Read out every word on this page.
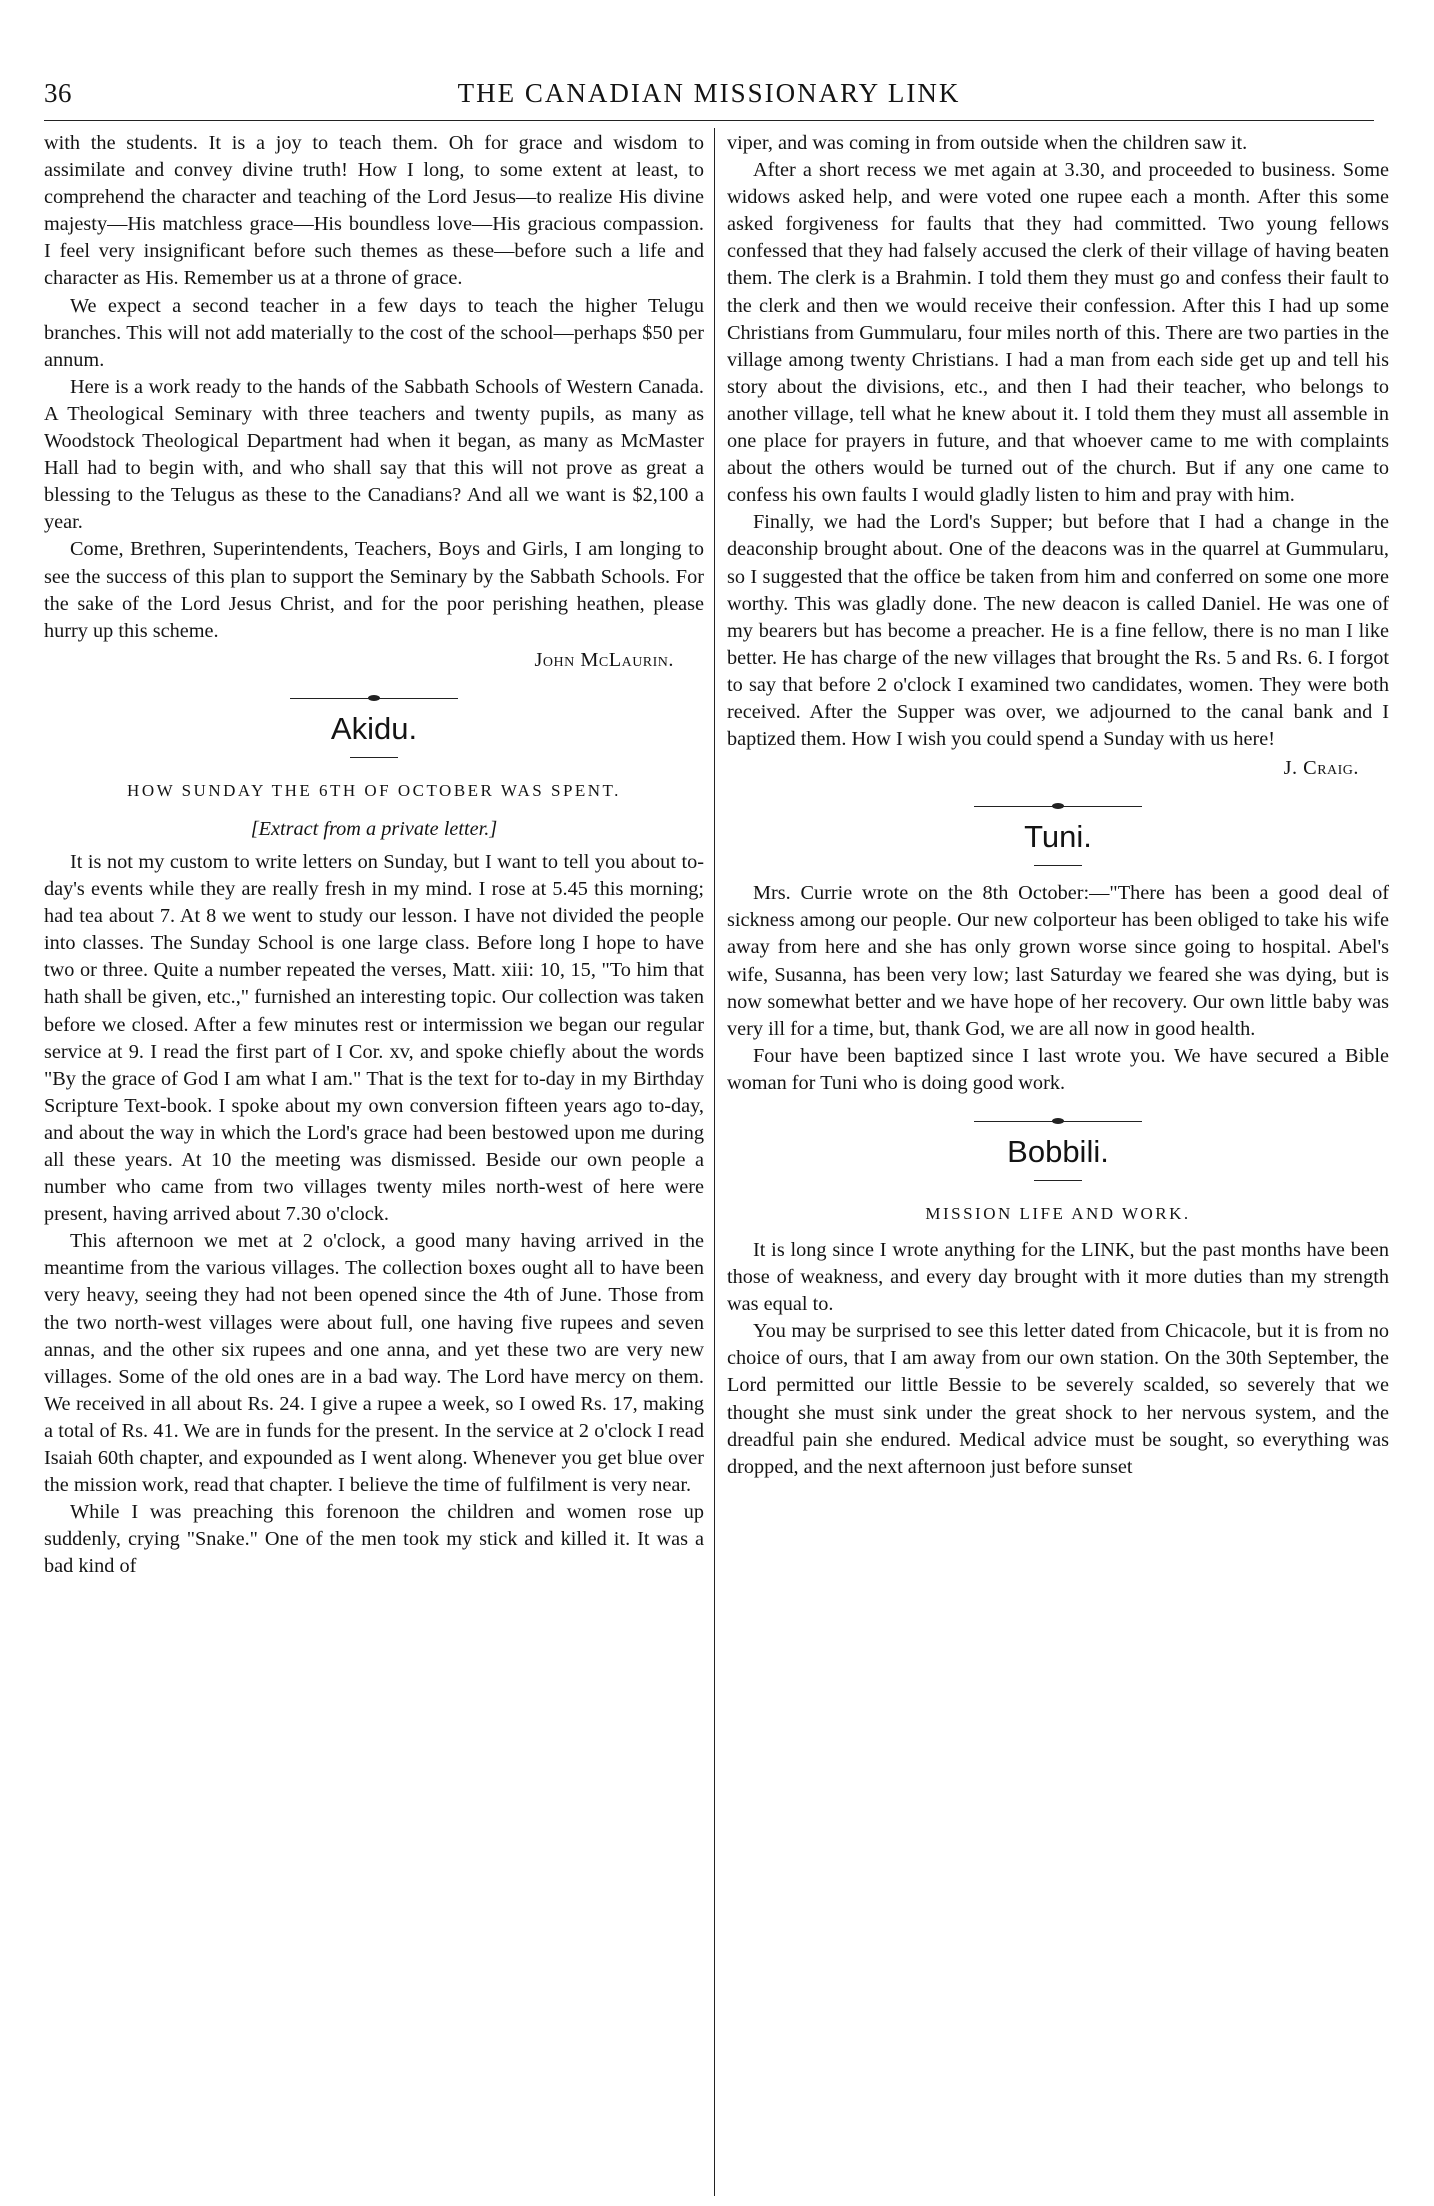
36	THE CANADIAN MISSIONARY LINK

with the students. It is a joy to teach them. Oh for grace and wisdom to assimilate and convey divine truth! How I long, to some extent at least, to comprehend the character and teaching of the Lord Jesus—to realize His divine majesty—His matchless grace—His boundless love—His gracious compassion. I feel very insignificant before such themes as these—before such a life and character as His. Remember us at a throne of grace.

We expect a second teacher in a few days to teach the higher Telugu branches. This will not add materially to the cost of the school—perhaps $50 per annum.

Here is a work ready to the hands of the Sabbath Schools of Western Canada. A Theological Seminary with three teachers and twenty pupils, as many as Woodstock Theological Department had when it began, as many as McMaster Hall had to begin with, and who shall say that this will not prove as great a blessing to the Telugus as these to the Canadians? And all we want is $2,100 a year.

Come, Brethren, Superintendents, Teachers, Boys and Girls, I am longing to see the success of this plan to support the Seminary by the Sabbath Schools. For the sake of the Lord Jesus Christ, and for the poor perishing heathen, please hurry up this scheme.

John McLaurin.
Akidu.
HOW SUNDAY THE 6TH OF OCTOBER WAS SPENT.
[Extract from a private letter.]

It is not my custom to write letters on Sunday, but I want to tell you about to-day's events while they are really fresh in my mind. I rose at 5.45 this morning; had tea about 7. At 8 we went to study our lesson. I have not divided the people into classes. The Sunday School is one large class. Before long I hope to have two or three. Quite a number repeated the verses, Matt. xiii: 10, 15, "To him that hath shall be given, etc.," furnished an interesting topic. Our collection was taken before we closed. After a few minutes rest or intermission we began our regular service at 9. I read the first part of I Cor. xv, and spoke chiefly about the words "By the grace of God I am what I am." That is the text for to-day in my Birthday Scripture Text-book. I spoke about my own conversion fifteen years ago to-day, and about the way in which the Lord's grace had been bestowed upon me during all these years. At 10 the meeting was dismissed. Beside our own people a number who came from two villages twenty miles north-west of here were present, having arrived about 7.30 o'clock.

This afternoon we met at 2 o'clock, a good many having arrived in the meantime from the various villages. The collection boxes ought all to have been very heavy, seeing they had not been opened since the 4th of June. Those from the two north-west villages were about full, one having five rupees and seven annas, and the other six rupees and one anna, and yet these two are very new villages. Some of the old ones are in a bad way. The Lord have mercy on them. We received in all about Rs. 24. I give a rupee a week, so I owed Rs. 17, making a total of Rs. 41. We are in funds for the present. In the service at 2 o'clock I read Isaiah 60th chapter, and expounded as I went along. Whenever you get blue over the mission work, read that chapter. I believe the time of fulfilment is very near.

While I was preaching this forenoon the children and women rose up suddenly, crying "Snake." One of the men took my stick and killed it. It was a bad kind of

viper, and was coming in from outside when the children saw it.

After a short recess we met again at 3.30, and proceeded to business. Some widows asked help, and were voted one rupee each a month. After this some asked forgiveness for faults that they had committed. Two young fellows confessed that they had falsely accused the clerk of their village of having beaten them. The clerk is a Brahmin. I told them they must go and confess their fault to the clerk and then we would receive their confession. After this I had up some Christians from Gummularu, four miles north of this. There are two parties in the village among twenty Christians. I had a man from each side get up and tell his story about the divisions, etc., and then I had their teacher, who belongs to another village, tell what he knew about it. I told them they must all assemble in one place for prayers in future, and that whoever came to me with complaints about the others would be turned out of the church. But if any one came to confess his own faults I would gladly listen to him and pray with him.

Finally, we had the Lord's Supper; but before that I had a change in the deaconship brought about. One of the deacons was in the quarrel at Gummularu, so I suggested that the office be taken from him and conferred on some one more worthy. This was gladly done. The new deacon is called Daniel. He was one of my bearers but has become a preacher. He is a fine fellow, there is no man I like better. He has charge of the new villages that brought the Rs. 5 and Rs. 6. I forgot to say that before 2 o'clock I examined two candidates, women. They were both received. After the Supper was over, we adjourned to the canal bank and I baptized them. How I wish you could spend a Sunday with us here!

J. Craig.
Tuni.

Mrs. Currie wrote on the 8th October:—"There has been a good deal of sickness among our people. Our new colporteur has been obliged to take his wife away from here and she has only grown worse since going to hospital. Abel's wife, Susanna, has been very low; last Saturday we feared she was dying, but is now somewhat better and we have hope of her recovery. Our own little baby was very ill for a time, but, thank God, we are all now in good health.

Four have been baptized since I last wrote you. We have secured a Bible woman for Tuni who is doing good work.

Bobbili.
MISSION LIFE AND WORK.

It is long since I wrote anything for the LINK, but the past months have been those of weakness, and every day brought with it more duties than my strength was equal to.

You may be surprised to see this letter dated from Chicacole, but it is from no choice of ours, that I am away from our own station. On the 30th September, the Lord permitted our little Bessie to be severely scalded, so severely that we thought she must sink under the great shock to her nervous system, and the dreadful pain she endured. Medical advice must be sought, so everything was dropped, and the next afternoon just before sunset
